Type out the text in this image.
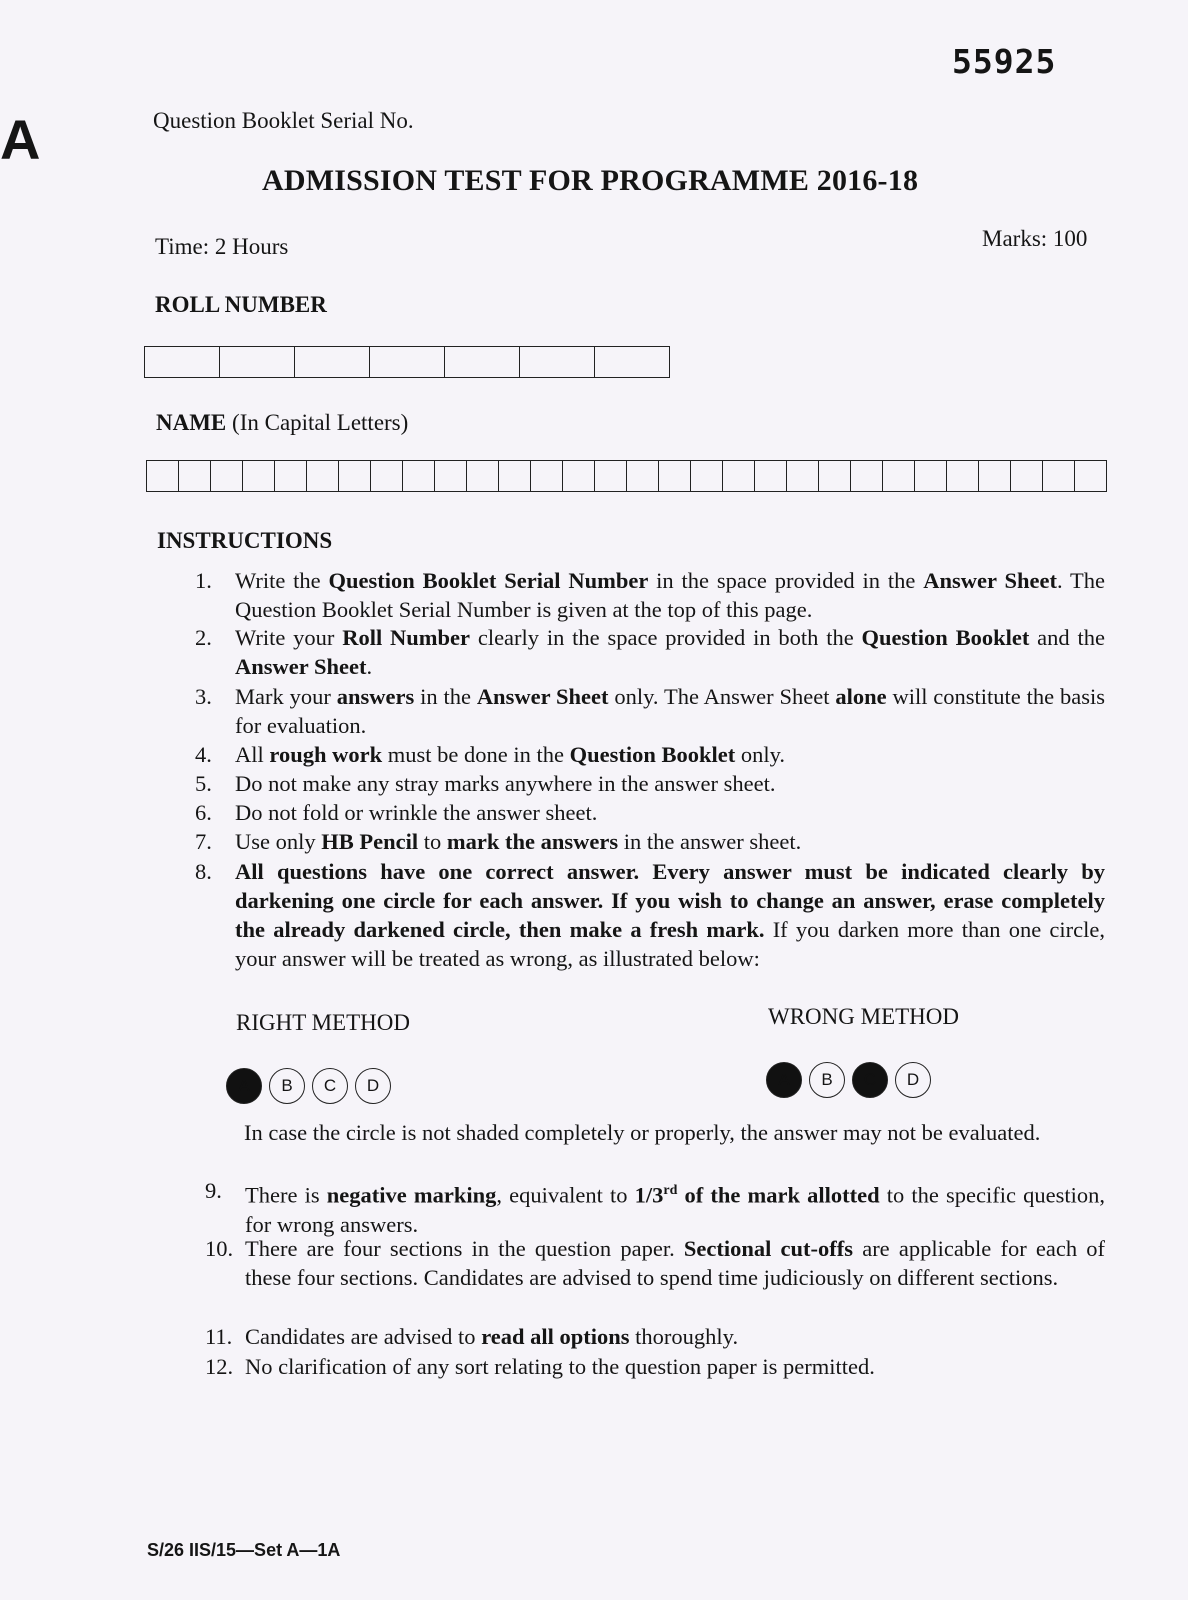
A
55925
Question Booklet Serial No.
ADMISSION TEST FOR PROGRAMME 2016-18
Time: 2 Hours	Marks: 100
ROLL NUMBER
NAME (In Capital Letters)
INSTRUCTIONS
1.	Write the Question Booklet Serial Number in the space provided in the Answer Sheet. The Question Booklet Serial Number is given at the top of this page.
2.	Write your Roll Number clearly in the space provided in both the Question Booklet and the Answer Sheet.
3.	Mark your answers in the Answer Sheet only. The Answer Sheet alone will constitute the basis for evaluation.
4.	All rough work must be done in the Question Booklet only.
5.	Do not make any stray marks anywhere in the answer sheet.
6.	Do not fold or wrinkle the answer sheet.
7.	Use only HB Pencil to mark the answers in the answer sheet.
8.	All questions have one correct answer. Every answer must be indicated clearly by darkening one circle for each answer. If you wish to change an answer, erase completely the already darkened circle, then make a fresh mark. If you darken more than one circle, your answer will be treated as wrong, as illustrated below:
RIGHT METHOD
A	B	C	D
WRONG METHOD
A	B	C	D
In case the circle is not shaded completely or properly, the answer may not be evaluated.
9.	There is negative marking, equivalent to 1/3rd of the mark allotted to the specific question, for wrong answers.
10. There are four sections in the question paper. Sectional cut-offs are applicable for each of these four sections. Candidates are advised to spend time judiciously on different sections.
11. Candidates are advised to read all options thoroughly.
12. No clarification of any sort relating to the question paper is permitted.
S/26 IIS/15—Set A—1A
